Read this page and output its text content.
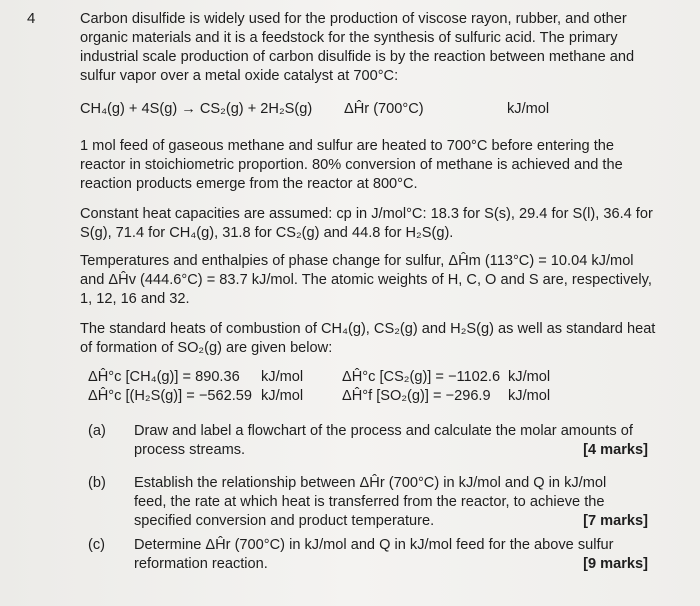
4	Carbon disulfide is widely used for the production of viscose rayon, rubber, and other organic materials and it is a feedstock for the synthesis of sulfuric acid. The primary industrial scale production of carbon disulfide is by the reaction between methane and sulfur vapor over a metal oxide catalyst at 700°C:
CH₄(g) + 4S(g) → CS₂(g) + 2H₂S(g) ΔĤr (700°C)	kJ/mol
1 mol feed of gaseous methane and sulfur are heated to 700°C before entering the reactor in stoichiometric proportion. 80% conversion of methane is achieved and the reaction products emerge from the reactor at 800°C.
Constant heat capacities are assumed: cp in J/mol°C: 18.3 for S(s), 29.4 for S(l), 36.4 for S(g), 71.4 for CH₄(g), 31.8 for CS₂(g) and 44.8 for H₂S(g).
Temperatures and enthalpies of phase change for sulfur, ΔĤm (113°C) = 10.04 kJ/mol and ΔĤv (444.6°C) = 83.7 kJ/mol. The atomic weights of H, C, O and S are, respectively, 1, 12, 16 and 32.
The standard heats of combustion of CH₄(g), CS₂(g) and H₂S(g) as well as standard heat of formation of SO₂(g) are given below:
ΔĤ°c [CH₄(g)] = 890.36 kJ/mol	ΔĤ°c [CS₂(g)] = −1102.6 kJ/mol
ΔĤ°c [(H₂S(g)] = −562.59 kJ/mol	ΔĤ°f [SO₂(g)] = −296.9 kJ/mol
(a) Draw and label a flowchart of the process and calculate the molar amounts of process streams.	[4 marks]
(b) Establish the relationship between ΔĤr (700°C) in kJ/mol and Q in kJ/mol feed, the rate at which heat is transferred from the reactor, to achieve the specified conversion and product temperature.	[7 marks]
(c) Determine ΔĤr (700°C) in kJ/mol and Q in kJ/mol feed for the above sulfur reformation reaction.	[9 marks]
